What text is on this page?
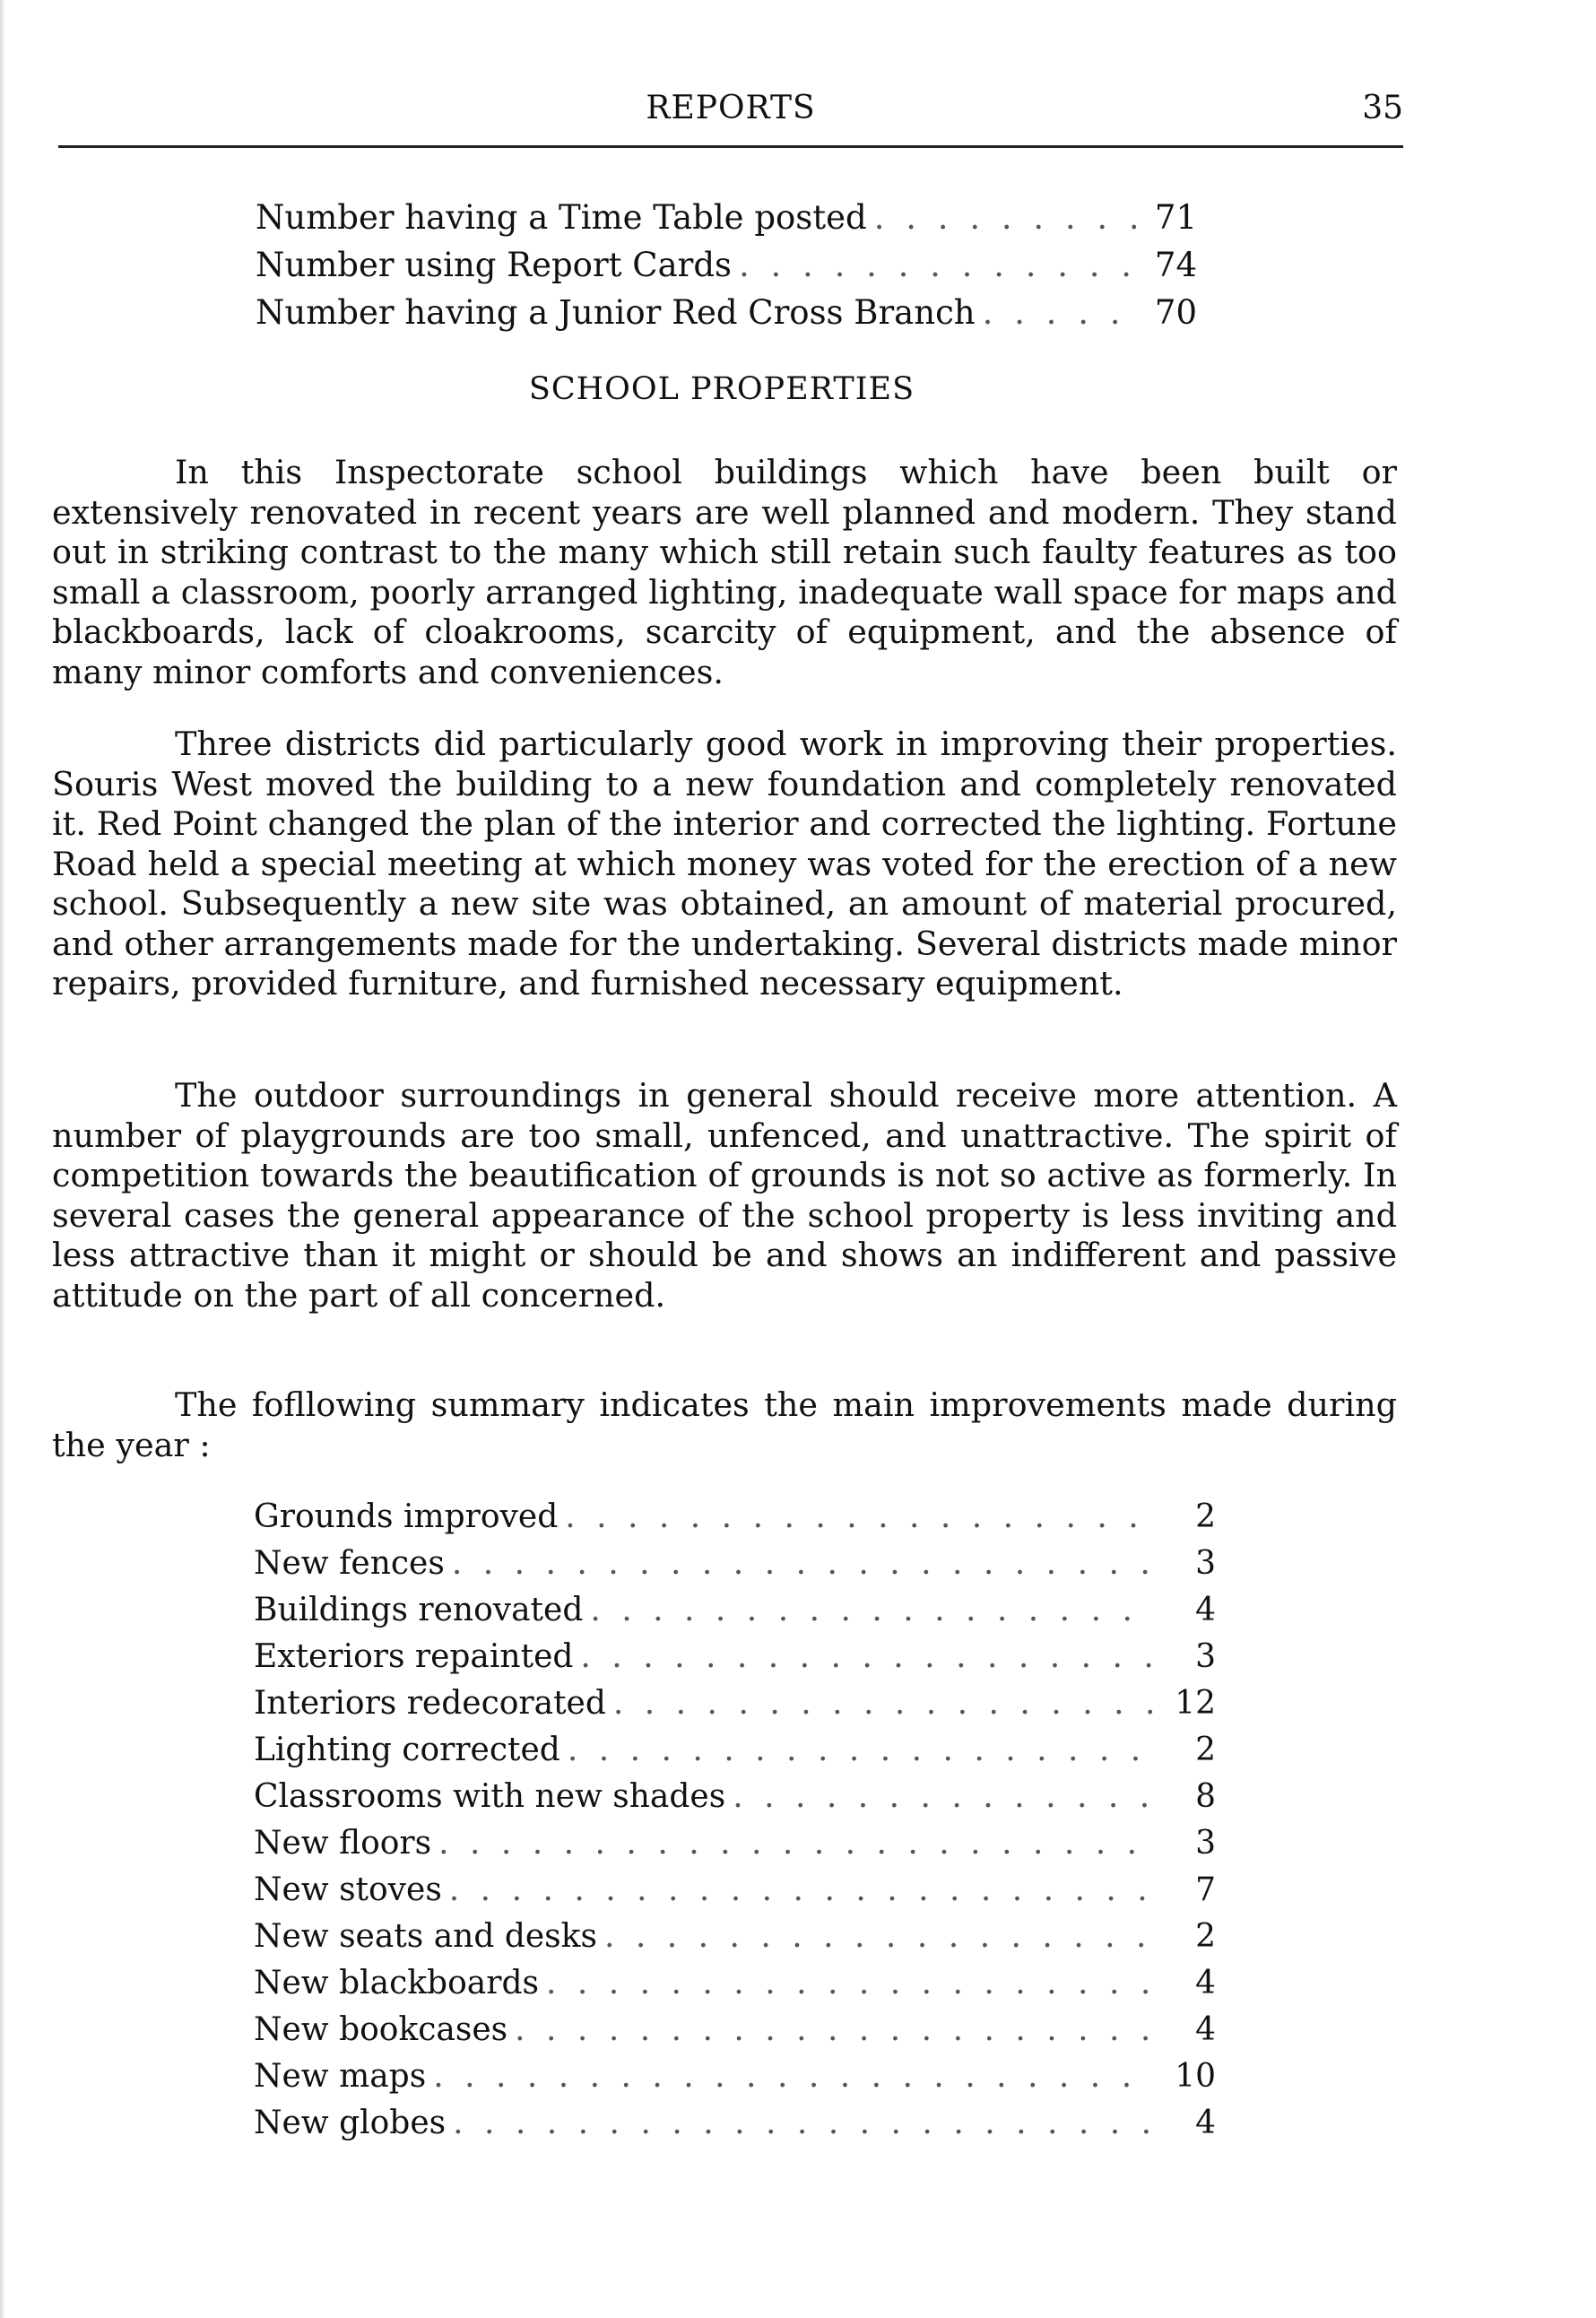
REPORTS	35
Number having a Time Table posted . . .	71
Number using Report Cards . . .	74
Number having a Junior Red Cross Branch . . .	70
SCHOOL PROPERTIES

In this Inspectorate school buildings which have been built or extensively renovated in recent years are well planned and modern. They stand out in striking contrast to the many which still retain such faulty features as too small a classroom, poorly arranged lighting, inadequate wall space for maps and blackboards, lack of cloakrooms, scarcity of equipment, and the absence of many minor comforts and conveniences.

Three districts did particularly good work in improving their properties. Souris West moved the building to a new foundation and completely renovated it. Red Point changed the plan of the interior and corrected the lighting. Fortune Road held a special meeting at which money was voted for the erection of a new school. Subsequently a new site was obtained, an amount of material procured, and other arrangements made for the undertaking. Several districts made minor repairs, provided furniture, and furnished necessary equipment.

The outdoor surroundings in general should receive more attention. A number of playgrounds are too small, unfenced, and unattractive. The spirit of competition towards the beautification of grounds is not so active as formerly. In several cases the general appearance of the school property is less inviting and less attractive than it might or should be and shows an indifferent and passive attitude on the part of all concerned.

The fofllowing summary indicates the main improvements made during the year :

Grounds improved . . .	2
New fences . . .	3
Buildings renovated . . .	4
Exteriors repainted . . .	3
Interiors redecorated . . .	12
Lighting corrected . . .	2
Classrooms with new shades . . .	8
New floors . . .	3
New stoves . . .	7
New seats and desks . . .	2
New blackboards . . .	4
New bookcases . . .	4
New maps . . .	10
New globes . . .	4
